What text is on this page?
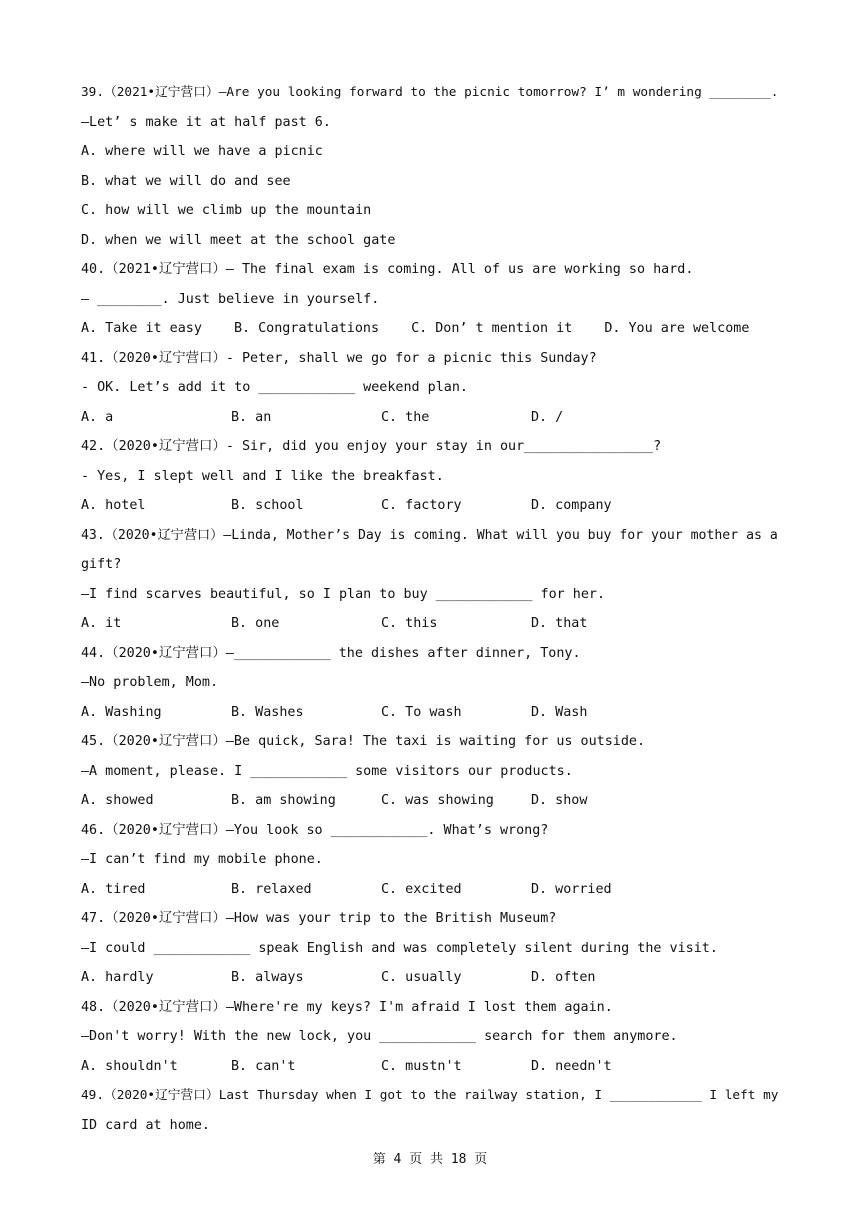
39.（2021•辽宁营口）—Are you looking forward to the picnic tomorrow? I’ m wondering ________.
—Let’ s make it at half past 6.
A. where will we have a picnic
B. what we will do and see
C. how will we climb up the mountain
D. when we will meet at the school gate
40.（2021•辽宁营口）— The final exam is coming. All of us are working so hard.
— ________. Just believe in yourself.
A. Take it easy B. Congratulations C. Don’ t mention it D. You are welcome
41.（2020•辽宁营口）- Peter, shall we go for a picnic this Sunday?
- OK. Let’s add it to ____________ weekend plan.
A. a	B. an	C. the	D. /
42.（2020•辽宁营口）- Sir, did you enjoy your stay in our________________?
- Yes, I slept well and I like the breakfast.
A. hotel	B. school	C. factory	D. company
43.（2020•辽宁营口）—Linda, Mother’s Day is coming. What will you buy for your mother as a
gift?
—I find scarves beautiful, so I plan to buy ____________ for her.
A. it	B. one	C. this	D. that
44.（2020•辽宁营口）—____________ the dishes after dinner, Tony.
—No problem, Mom.
A. Washing	B. Washes	C. To wash	D. Wash
45.（2020•辽宁营口）—Be quick, Sara! The taxi is waiting for us outside.
—A moment, please. I ____________ some visitors our products.
A. showed	B. am showing	C. was showing	D. show
46.（2020•辽宁营口）—You look so ____________. What’s wrong?
—I can’t find my mobile phone.
A. tired	B. relaxed	C. excited	D. worried
47.（2020•辽宁营口）—How was your trip to the British Museum?
—I could ____________ speak English and was completely silent during the visit.
A. hardly	B. always	C. usually	D. often
48.（2020•辽宁营口）—Where're my keys? I'm afraid I lost them again.
—Don't worry! With the new lock, you ____________ search for them anymore.
A. shouldn't	B. can't	C. mustn't	D. needn't
49.（2020•辽宁营口）Last Thursday when I got to the railway station, I ____________ I left my
ID card at home.
第 4 页 共 18 页
